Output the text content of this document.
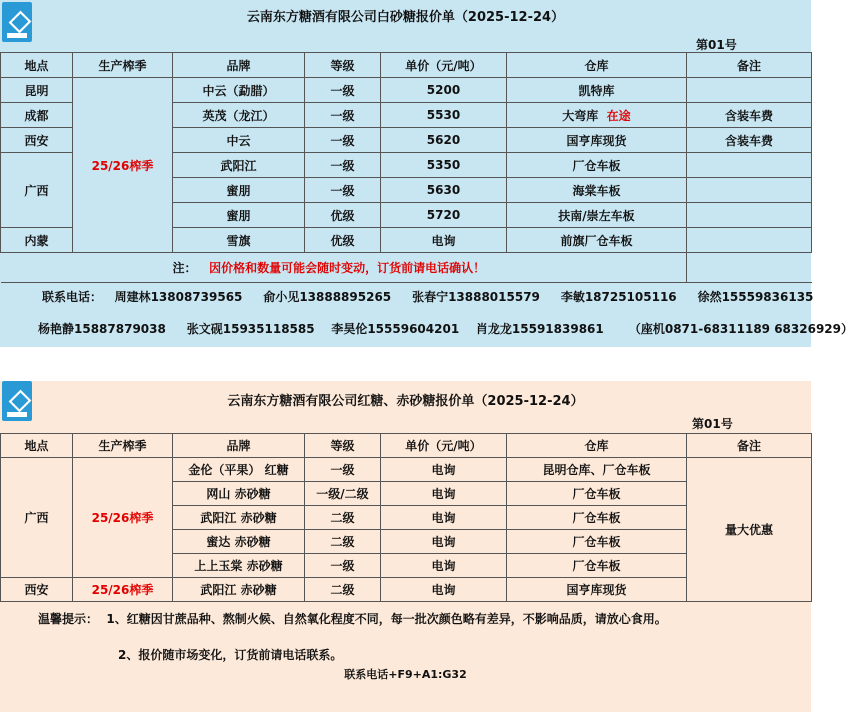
云南东方糖酒有限公司白砂糖报价单（2025-12-24）
第01号
地点	生产榨季	品牌	等级	单价（元/吨）	仓库	备注
昆明	25/26榨季	中云（勐腊）	一级	5200	凯特库	
成都		英茂（龙江）	一级	5530	大弯库 在途	含装车费
西安		中云	一级	5620	国亨库现货	含装车费
广西		武阳江	一级	5350	厂仓车板	
		蜜朋	一级	5630	海棠车板	
		蜜朋	优级	5720	扶南/崇左车板	
内蒙		雪旗	优级	电询	前旗厂仓车板	
注： 因价格和数量可能会随时变动，订货前请电话确认！						
联系电话： 周建林13808739565 俞小见13888895265 张春宁13888015579 李敏18725105116 徐然15559836135
杨艳静15887879038 张文砚15935118585 李昊伦15559604201 肖龙龙15591839861 （座机0871-68311189 68326929）
云南东方糖酒有限公司红糖、赤砂糖报价单（2025-12-24）
第01号
地点	生产榨季	品牌	等级	单价（元/吨）	仓库	备注
广西	25/26榨季	金伦（平果） 红糖	一级	电询	昆明仓库、厂仓车板	量大优惠
		网山 赤砂糖	一级/二级	电询	厂仓车板	
		武阳江 赤砂糖	二级	电询	厂仓车板	
		蜜达 赤砂糖	二级	电询	厂仓车板	
		上上玉棠 赤砂糖	一级	电询	厂仓车板	
西安	25/26榨季	武阳江 赤砂糖	二级	电询	国亨库现货	
温馨提示： 1、红糖因甘蔗品种、熬制火候、自然氧化程度不同，每一批次颜色略有差异，不影响品质，请放心食用。
2、报价随市场变化，订货前请电话联系。
联系电话+F9+A1:G32
